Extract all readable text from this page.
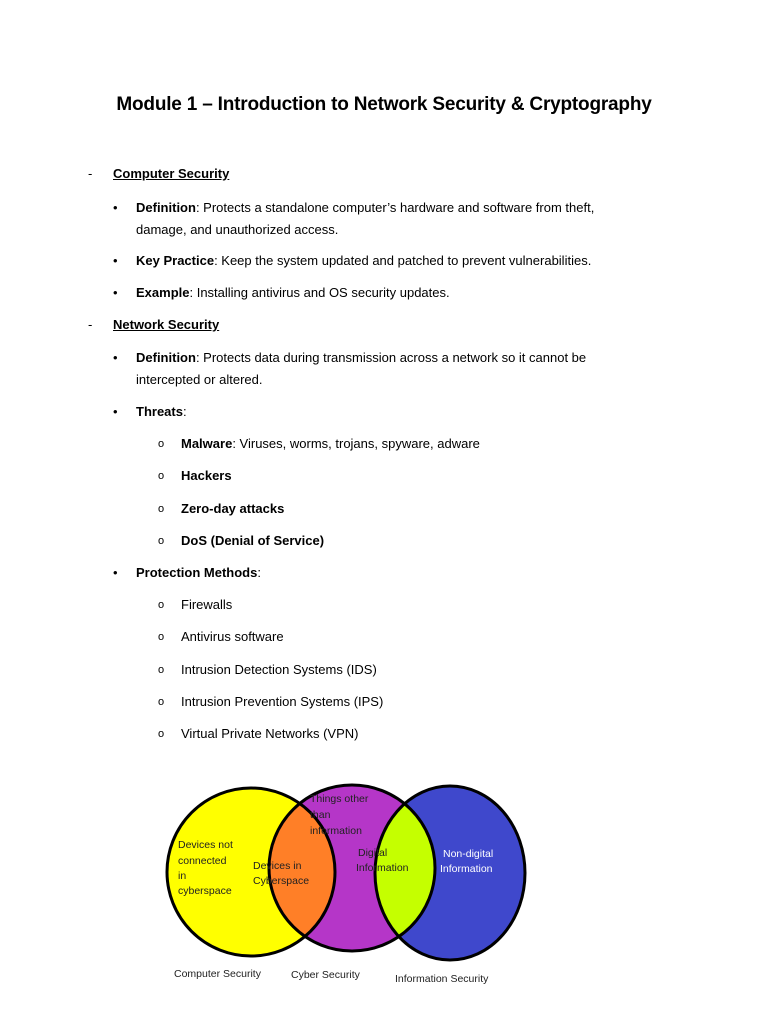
Module 1 – Introduction to Network Security & Cryptography
- Computer Security
•	Definition: Protects a standalone computer’s hardware and software from theft, damage, and unauthorized access.
•	Key Practice: Keep the system updated and patched to prevent vulnerabilities.
•	Example: Installing antivirus and OS security updates.
- Network Security
•	Definition: Protects data during transmission across a network so it cannot be intercepted or altered.
•	Threats:
o Malware: Viruses, worms, trojans, spyware, adware
o Hackers
o Zero-day attacks
o DoS (Denial of Service)
•	Protection Methods:
o Firewalls
o Antivirus software
o Intrusion Detection Systems (IDS)
o Intrusion Prevention Systems (IPS)
o Virtual Private Networks (VPN)
Devices not connected in cyberspace
Devices in Cyberspace
Things other than information
Digital Information
Non-digital Information
Computer Security	Cyber Security	Information Security
